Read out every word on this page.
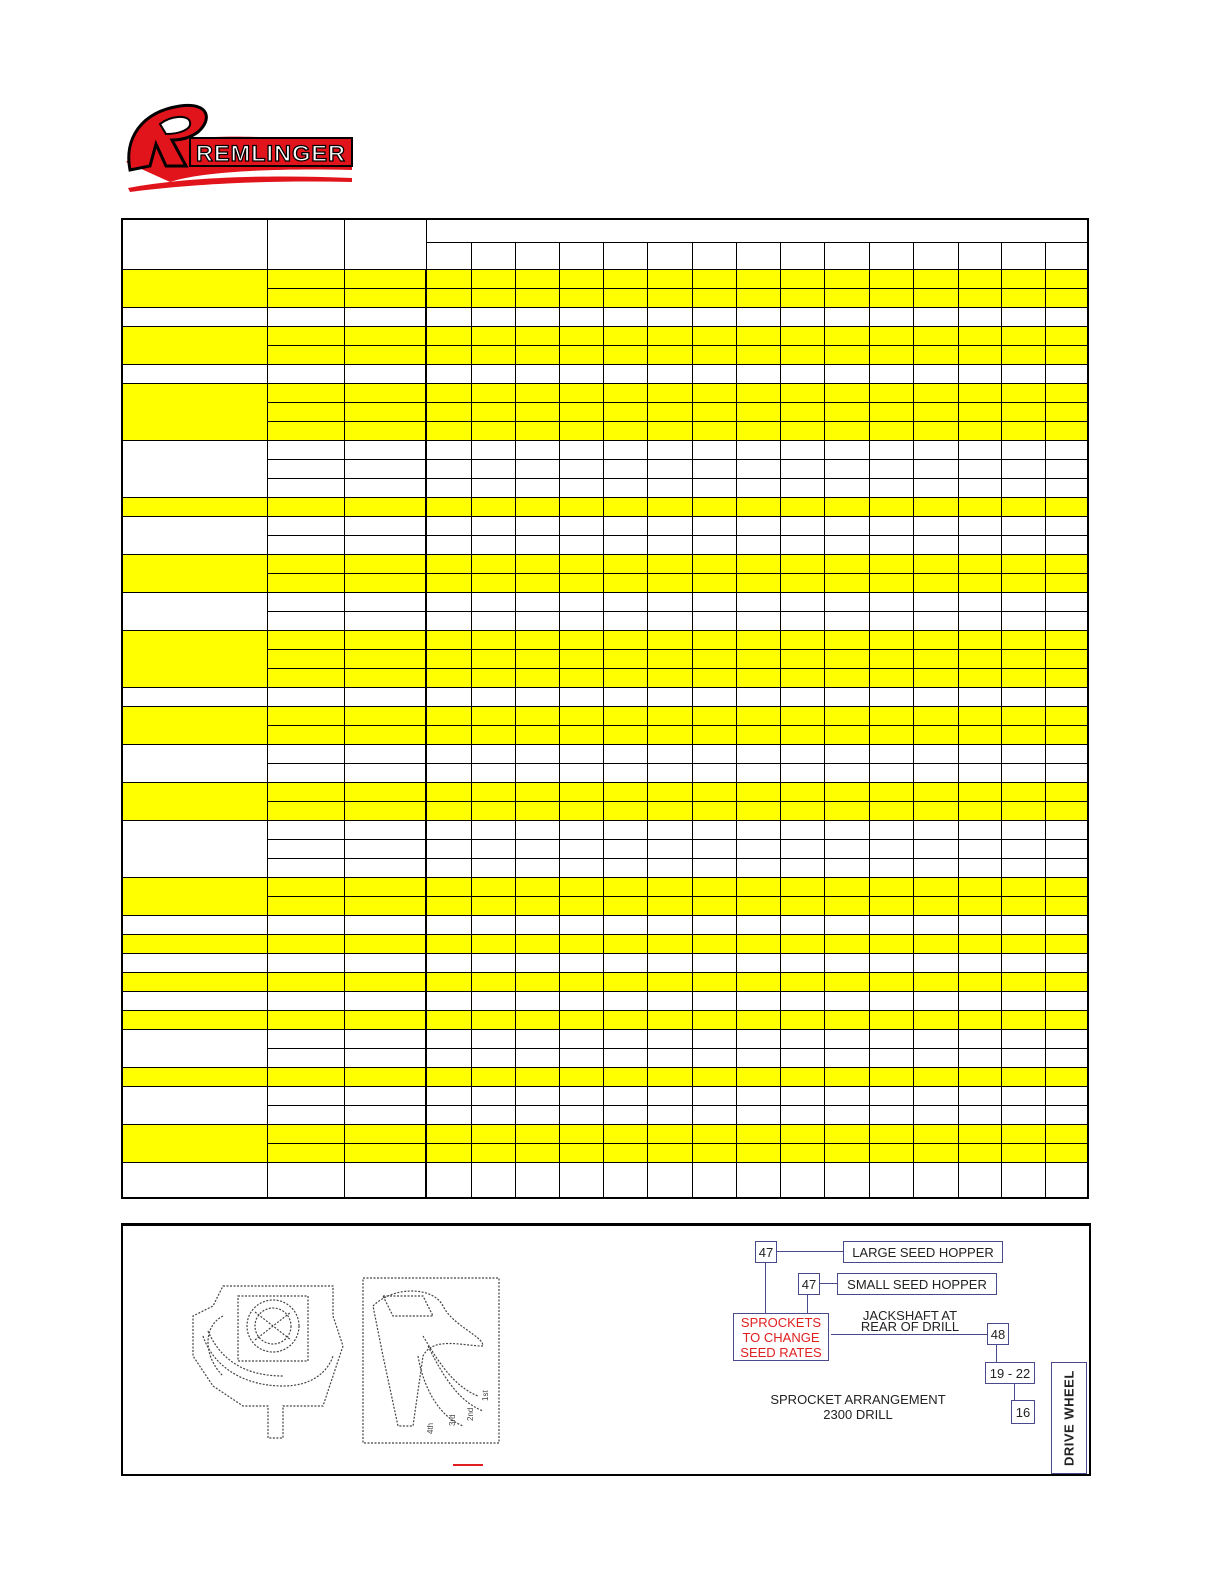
REMLINGER

4th
3rd 2nd
1st
47	LARGE SEED HOPPER
47	SMALL SEED HOPPER
SPROCKETS
TO CHANGE
SEED RATES
JACKSHAFT AT
REAR OF DRILL	48
19 - 22
16	DRIVE WHEEL
SPROCKET ARRANGEMENT
2300 DRILL
